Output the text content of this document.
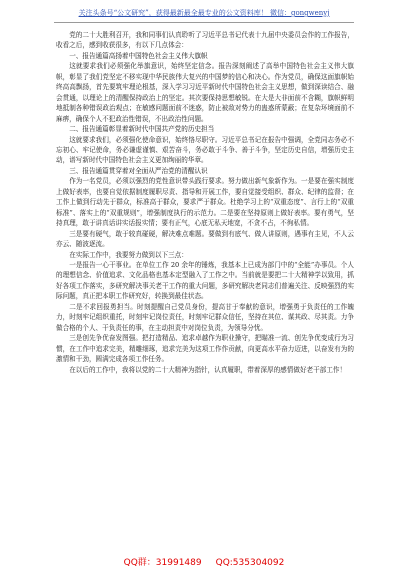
关注头条号“公文研究”，获得最新最全最专业的公文资料库！ 微信：gongwenyj

党的二十大胜利召开，我和同事们认真聆听了习近平总书记代表十九届中央委员会作的工作报告，收看之后，感到收获很多，有以下几点体会：

一、报告通篇高扬着中国特色社会主义伟大旗帜

这就要求我们必须强化举旗意识，始终坚定信念。报告深刻阐述了高举中国特色社会主义伟大旗帜，彰显了我们党坚定不移实现中华民族伟大复兴的中国梦的信心和决心。作为党员，确保这面旗帜始终高高飘扬，首先要筑牢理论根基，深入学习习近平新时代中国特色社会主义思想，做到深读结合、融会贯通，以理论上的清醒保持政治上的坚定。其次要保持思想敏锐。在大是大非面前不含糊，旗帜鲜明地抵制各种错误政治观点；在敏感问题面前不迷惑，防止被敌对势力的蛊惑所蒙蔽；在复杂环境面前不麻痹，确保个人不犯政治性错误，不出政治性问题。

二、报告通篇彰显着新时代中国共产党的历史担当

这就要求我们，必须强化使命意识，始终恪尽职守。习近平总书记在报告中强调，全党同志务必不忘初心、牢记使命，务必谦虚谨慎、艰苦奋斗，务必敢于斗争、善于斗争，坚定历史自信，增强历史主动，谱写新时代中国特色社会主义更加绚丽的华章。

三、报告通篇贯穿着对全面从严治党的清醒认识

作为一名党员，必须以强烈的党性意识带头践行要求。努力做出新气象新作为。一是要在强实制度上做好表率，也要自觉依据制度履职尽责、指导和开展工作，要自觉接受组织、群众、纪律的监督；在工作上做到行动先于群众，标准高于群众，要求严于群众。杜绝学习上的“双重态度”、言行上的“双重标准”、落实上的“双重规则”，增强制度执行的示范力。二是要在坚持原则上做好表率。要有勇气，坚持真理，敢于讲真话讲实话报实情；要有正气，心底无私天地宽，不贪不占，不徇私情。

三是要有硬气，敢于较真碰硬，解决难点难题。要做到有底气、做人讲原则，遇事有主见，不人云亦云、随波逐流。

在实际工作中，我要努力做到以下三点：

一是报告一心干事业。在单位工作 20 余年的锤炼，我基本上已成为部门中的“全能”办事员。个人的理想信念、价值追求、文化品格也基本定型融入了工作之中。当前就是要把二十大精神学以致用，抓好各项工作落实，多研究解决事关老干工作的重大问题，多研究解决老同志们普遍关注、反映强烈的实际问题，真正把本职工作研究好，转换到最佳状态。

二是不求回报勇担当。时刻提醒自己党员身份，提高甘于奉献的意识，增强勇于负责任的工作魄力，时刻牢记组织重托，时刻牢记岗位责任，时刻牢记群众信任，坚持在其位、谋其政、尽其责。力争做合格的个人、干负责任的事，在主动担责中对岗位负责，为领导分忧。

三是创先争优奋发图强。把打造精品、追求卓越作为职业操守，把瞄准一流、创先争优变成行为习惯，在工作中追求完美，精雕细琢，追求完美为这项工作作贡献，向更高水平奋力迈进，以奋发有为的激情和干劲，圆满完成各项工作任务。

在以后的工作中，我将以党的二十大精神为指针，认真履职，带着深厚的感情做好老干部工作！

QQ群：31991489 QQ:535304092
